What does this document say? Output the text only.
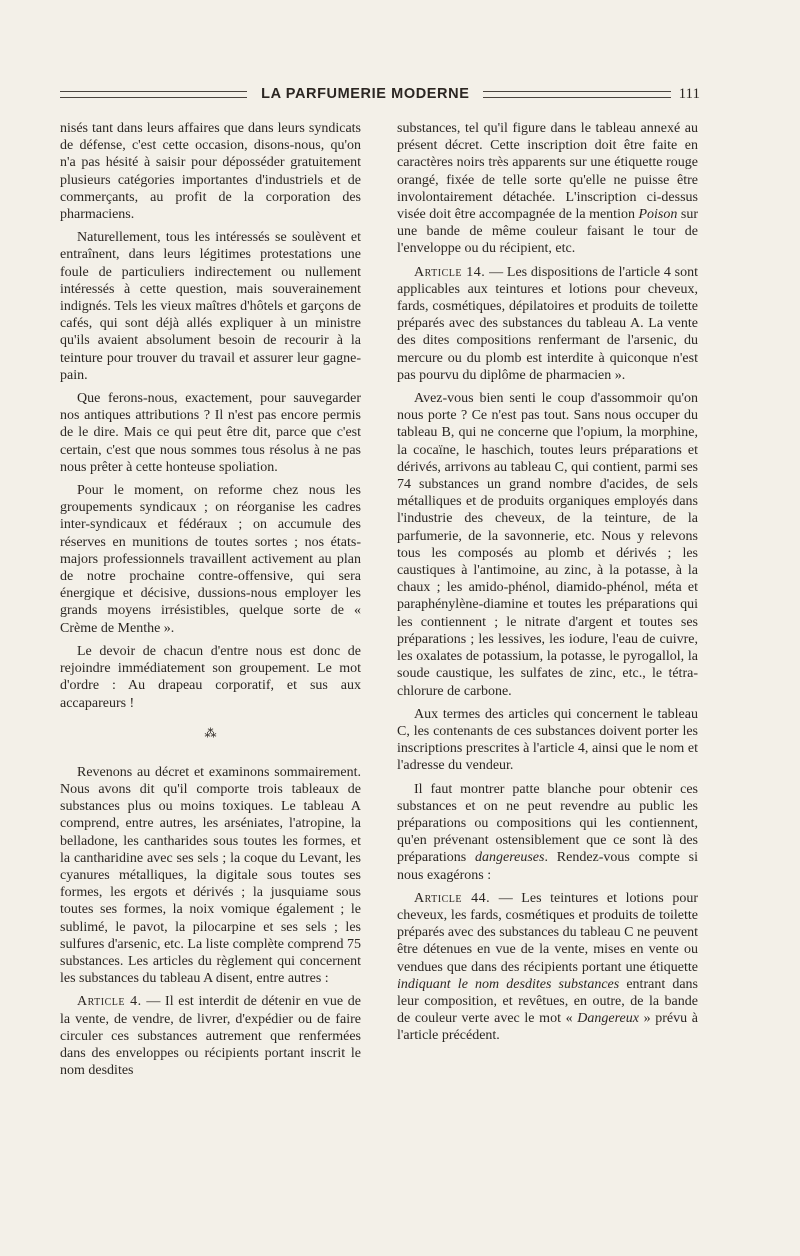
LA PARFUMERIE MODERNE	111

nisés tant dans leurs affaires que dans leurs syndicats de défense, c'est cette occasion, disons-nous, qu'on n'a pas hésité à saisir pour déposséder gratuitement plusieurs catégories importantes d'industriels et de commerçants, au profit de la corporation des pharmaciens.

Naturellement, tous les intéressés se soulèvent et entraînent, dans leurs légitimes protestations une foule de particuliers indirectement ou nullement intéressés à cette question, mais souverainement indignés. Tels les vieux maîtres d'hôtels et garçons de cafés, qui sont déjà allés expliquer à un ministre qu'ils avaient absolument besoin de recourir à la teinture pour trouver du travail et assurer leur gagne-pain.

Que ferons-nous, exactement, pour sauvegarder nos antiques attributions ? Il n'est pas encore permis de le dire. Mais ce qui peut être dit, parce que c'est certain, c'est que nous sommes tous résolus à ne pas nous prêter à cette honteuse spoliation.

Pour le moment, on reforme chez nous les groupements syndicaux ; on réorganise les cadres inter-syndicaux et fédéraux ; on accumule des réserves en munitions de toutes sortes ; nos états-majors professionnels travaillent activement au plan de notre prochaine contre-offensive, qui sera énergique et décisive, dussions-nous employer les grands moyens irrésistibles, quelque sorte de « Crème de Menthe ».

Le devoir de chacun d'entre nous est donc de rejoindre immédiatement son groupement. Le mot d'ordre : Au drapeau corporatif, et sus aux accapareurs !

⁂

Revenons au décret et examinons sommairement. Nous avons dit qu'il comporte trois tableaux de substances plus ou moins toxiques. Le tableau A comprend, entre autres, les arséniates, l'atropine, la belladone, les cantharides sous toutes les formes, et la cantharidine avec ses sels ; la coque du Levant, les cyanures métalliques, la digitale sous toutes ses formes, les ergots et dérivés ; la jusquiame sous toutes ses formes, la noix vomique également ; le sublimé, le pavot, la pilocarpine et ses sels ; les sulfures d'arsenic, etc. La liste complète comprend 75 substances. Les articles du règlement qui concernent les substances du tableau A disent, entre autres :

Article 4. — Il est interdit de détenir en vue de la vente, de vendre, de livrer, d'expédier ou de faire circuler ces substances autrement que renfermées dans des enveloppes ou récipients portant inscrit le nom desdites

substances, tel qu'il figure dans le tableau annexé au présent décret. Cette inscription doit être faite en caractères noirs très apparents sur une étiquette rouge orangé, fixée de telle sorte qu'elle ne puisse être involontairement détachée. L'inscription ci-dessus visée doit être accompagnée de la mention Poison sur une bande de même couleur faisant le tour de l'enveloppe ou du récipient, etc.

Article 14. — Les dispositions de l'article 4 sont applicables aux teintures et lotions pour cheveux, fards, cosmétiques, dépilatoires et produits de toilette préparés avec des substances du tableau A. La vente des dites compositions renfermant de l'arsenic, du mercure ou du plomb est interdite à quiconque n'est pas pourvu du diplôme de pharmacien ».

Avez-vous bien senti le coup d'assommoir qu'on nous porte ? Ce n'est pas tout. Sans nous occuper du tableau B, qui ne concerne que l'opium, la morphine, la cocaïne, le haschich, toutes leurs préparations et dérivés, arrivons au tableau C, qui contient, parmi ses 74 substances un grand nombre d'acides, de sels métalliques et de produits organiques employés dans l'industrie des cheveux, de la teinture, de la parfumerie, de la savonnerie, etc. Nous y relevons tous les composés au plomb et dérivés ; les caustiques à l'antimoine, au zinc, à la potasse, à la chaux ; les amido-phénol, diamido-phénol, méta et paraphénylène-diamine et toutes les préparations qui les contiennent ; le nitrate d'argent et toutes ses préparations ; les lessives, les iodure, l'eau de cuivre, les oxalates de potassium, la potasse, le pyrogallol, la soude caustique, les sulfates de zinc, etc., le tétra-chlorure de carbone.

Aux termes des articles qui concernent le tableau C, les contenants de ces substances doivent porter les inscriptions prescrites à l'article 4, ainsi que le nom et l'adresse du vendeur.

Il faut montrer patte blanche pour obtenir ces substances et on ne peut revendre au public les préparations ou compositions qui les contiennent, qu'en prévenant ostensiblement que ce sont là des préparations dangereuses. Rendez-vous compte si nous exagérons :

Article 44. — Les teintures et lotions pour cheveux, les fards, cosmétiques et produits de toilette préparés avec des substances du tableau C ne peuvent être détenues en vue de la vente, mises en vente ou vendues que dans des récipients portant une étiquette indiquant le nom desdites substances entrant dans leur composition, et revêtues, en outre, de la bande de couleur verte avec le mot « Dangereux » prévu à l'article précédent.
